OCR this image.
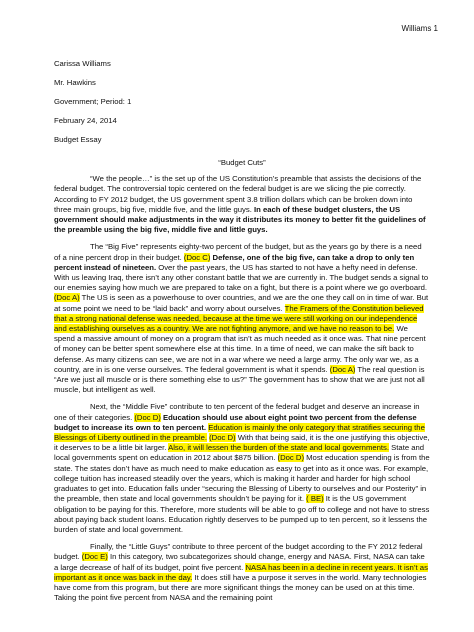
Williams 1
Carissa Williams
Mr. Hawkins
Government; Period: 1
February 24, 2014
Budget Essay
“Budget Cuts”

“We the people…” is the set up of the US Constitution’s preamble that assists the decisions of the federal budget. The controversial topic centered on the federal budget is are we slicing the pie correctly. According to FY 2012 budget, the US government spent 3.8 trillion dollars which can be broken down into three main groups, big five, middle five, and the little guys. In each of these budget clusters, the US government should make adjustments in the way it distributes its money to better fit the guidelines of the preamble using the big five, middle five and little guys.

The “Big Five” represents eighty-two percent of the budget, but as the years go by there is a need of a nine percent drop in their budget. (Doc C) Defense, one of the big five, can take a drop to only ten percent instead of nineteen. Over the past years, the US has started to not have a hefty need in defense. With us leaving Iraq, there isn’t any other constant battle that we are currently in. The budget sends a signal to our enemies saying how much we are prepared to take on a fight, but there is a point where we go overboard. (Doc A) The US is seen as a powerhouse to over countries, and we are the one they call on in time of war. But at some point we need to be “laid back” and worry about ourselves. The Framers of the Constitution believed that a strong national defense was needed, because at the time we were still working on our independence and establishing ourselves as a country. We are not fighting anymore, and we have no reason to be. We spend a massive amount of money on a program that isn’t as much needed as it once was. That nine percent of money can be better spent somewhere else at this time. In a time of need, we can make the sift back to defense. As many citizens can see, we are not in a war where we need a large army. The only war we, as a country, are in is one verse ourselves. The federal government is what it spends. (Doc A) The real question is “Are we just all muscle or is there something else to us?” The government has to show that we are just not all muscle, but intelligent as well.

Next, the “Middle Five” contribute to ten percent of the federal budget and deserve an increase in one of their categories. (Doc D) Education should use about eight point two percent from the defense budget to increase its own to ten percent. Education is mainly the only category that stratifies securing the Blessings of Liberty outlined in the preamble. (Doc D) With that being said, it is the one justifying this objective, it deserves to be a little bit larger. Also, it will lessen the burden of the state and local governments. State and local governments spent on education in 2012 about $875 billion. (Doc D) Most education spending is from the state. The states don’t have as much need to make education as easy to get into as it once was. For example, college tuition has increased steadily over the years, which is making it harder and harder for high school graduates to get into. Education falls under “securing the Blessing of Liberty to ourselves and our Posterity” in the preamble, then state and local governments shouldn’t be paying for it. ( BE) It is the US government obligation to be paying for this. Therefore, more students will be able to go off to college and not have to stress about paying back student loans. Education rightly deserves to be pumped up to ten percent, so it lessens the burden of state and local government.

Finally, the “Little Guys” contribute to three percent of the budget according to the FY 2012 federal budget. (Doc E) In this category, two subcategorizes should change, energy and NASA. First, NASA can take a large decrease of half of its budget, point five percent. NASA has been in a decline in recent years. It isn’t as important as it once was back in the day. It does still have a purpose it serves in the world. Many technologies have come from this program, but there are more significant things the money can be used on at this time. Taking the point five percent from NASA and the remaining point
